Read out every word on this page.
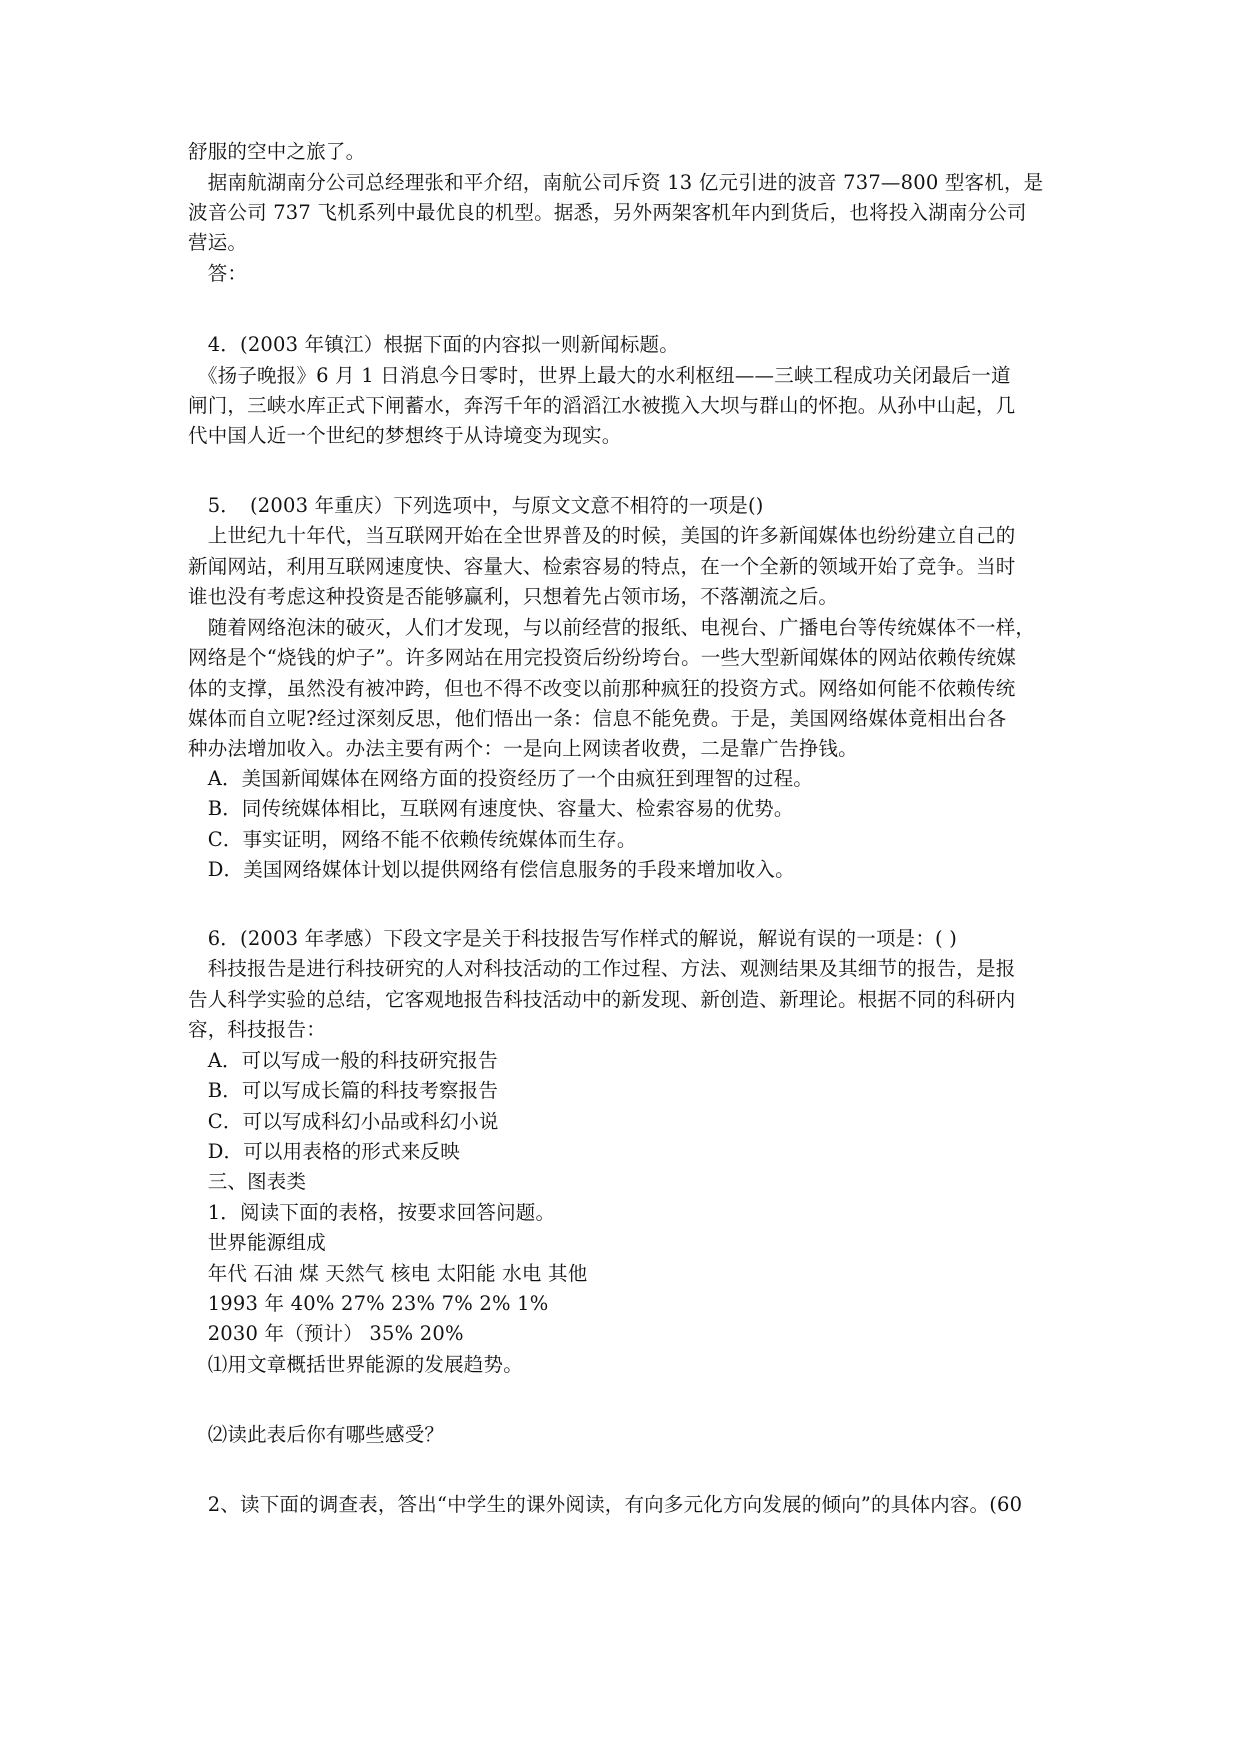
舒服的空中之旅了。
　据南航湖南分公司总经理张和平介绍，南航公司斥资 13 亿元引进的波音 737—800 型客机，是
波音公司 737 飞机系列中最优良的机型。据悉，另外两架客机年内到货后，也将投入湖南分公司
营运。
　答：
　4．(2003 年镇江）根据下面的内容拟一则新闻标题。
　《扬子晚报》6 月 1 日消息今日零时，世界上最大的水利枢纽——三峡工程成功关闭最后一道
闸门，三峡水库正式下闸蓄水，奔泻千年的滔滔江水被揽入大坝与群山的怀抱。从孙中山起，几
代中国人近一个世纪的梦想终于从诗境变为现实。
　5．　(2003 年重庆）下列选项中，与原文文意不相符的一项是()
　上世纪九十年代，当互联网开始在全世界普及的时候，美国的许多新闻媒体也纷纷建立自己的
新闻网站，利用互联网速度快、容量大、检索容易的特点，在一个全新的领域开始了竞争。当时
谁也没有考虑这种投资是否能够赢利，只想着先占领市场，不落潮流之后。
　随着网络泡沫的破灭，人们才发现，与以前经营的报纸、电视台、广播电台等传统媒体不一样，
网络是个“烧钱的炉子”。许多网站在用完投资后纷纷垮台。一些大型新闻媒体的网站依赖传统媒
体的支撑，虽然没有被冲跨，但也不得不改变以前那种疯狂的投资方式。网络如何能不依赖传统
媒体而自立呢?经过深刻反思，他们悟出一条：信息不能免费。于是，美国网络媒体竟相出台各
种办法增加收入。办法主要有两个：一是向上网读者收费，二是靠广告挣钱。
　A．美国新闻媒体在网络方面的投资经历了一个由疯狂到理智的过程。
　B．同传统媒体相比，互联网有速度快、容量大、检索容易的优势。
　C．事实证明，网络不能不依赖传统媒体而生存。
　D．美国网络媒体计划以提供网络有偿信息服务的手段来增加收入。
　6．(2003 年孝感）下段文字是关于科技报告写作样式的解说，解说有误的一项是：( )
　科技报告是进行科技研究的人对科技活动的工作过程、方法、观测结果及其细节的报告，是报
告人科学实验的总结，它客观地报告科技活动中的新发现、新创造、新理论。根据不同的科研内
容，科技报告：
　A．可以写成一般的科技研究报告
　B．可以写成长篇的科技考察报告
　C．可以写成科幻小品或科幻小说
　D．可以用表格的形式来反映
　三、图表类
　1．阅读下面的表格，按要求回答问题。
　世界能源组成
　年代 石油 煤 天然气 核电 太阳能 水电 其他
　1993 年 40% 27% 23% 7% 2% 1%
　2030 年（预计） 35% 20%
　⑴用文章概括世界能源的发展趋势。
　⑵读此表后你有哪些感受？
　2、读下面的调查表，答出“中学生的课外阅读，有向多元化方向发展的倾向”的具体内容。(60
